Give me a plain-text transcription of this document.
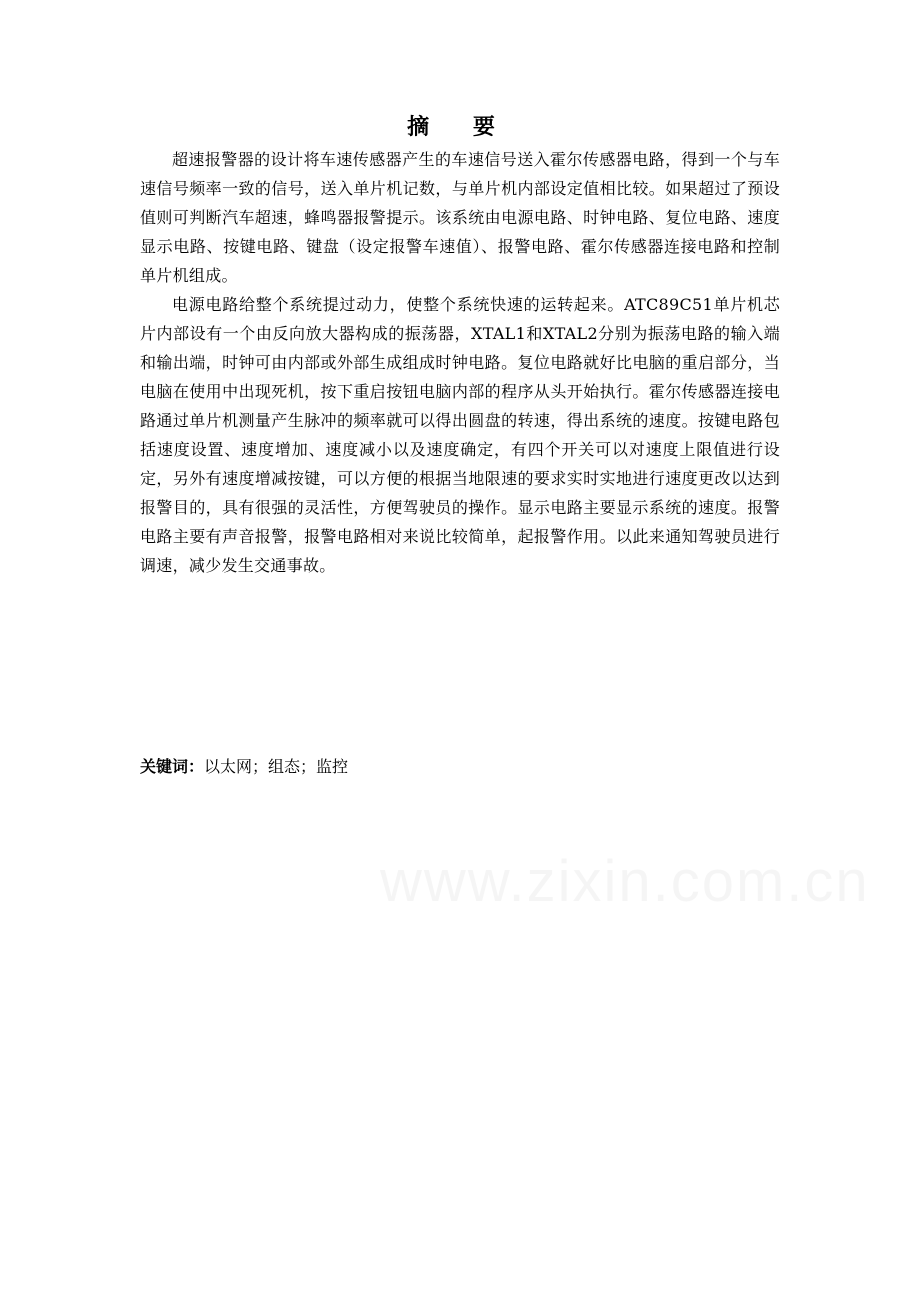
摘 要

超速报警器的设计将车速传感器产生的车速信号送入霍尔传感器电路，得到一个与车速信号频率一致的信号，送入单片机记数，与单片机内部设定值相比较。如果超过了预设值则可判断汽车超速，蜂鸣器报警提示。该系统由电源电路、时钟电路、复位电路、速度显示电路、按键电路、键盘（设定报警车速值）、报警电路、霍尔传感器连接电路和控制单片机组成。

电源电路给整个系统提过动力，使整个系统快速的运转起来。ATC89C51单片机芯片内部设有一个由反向放大器构成的振荡器，XTAL1和XTAL2分别为振荡电路的输入端和输出端，时钟可由内部或外部生成组成时钟电路。复位电路就好比电脑的重启部分，当电脑在使用中出现死机，按下重启按钮电脑内部的程序从头开始执行。霍尔传感器连接电路通过单片机测量产生脉冲的频率就可以得出圆盘的转速，得出系统的速度。按键电路包括速度设置、速度增加、速度减小以及速度确定，有四个开关可以对速度上限值进行设定，另外有速度增减按键，可以方便的根据当地限速的要求实时实地进行速度更改以达到报警目的，具有很强的灵活性，方便驾驶员的操作。显示电路主要显示系统的速度。报警电路主要有声音报警，报警电路相对来说比较简单，起报警作用。以此来通知驾驶员进行调速，减少发生交通事故。

关键词：以太网；组态；监控
